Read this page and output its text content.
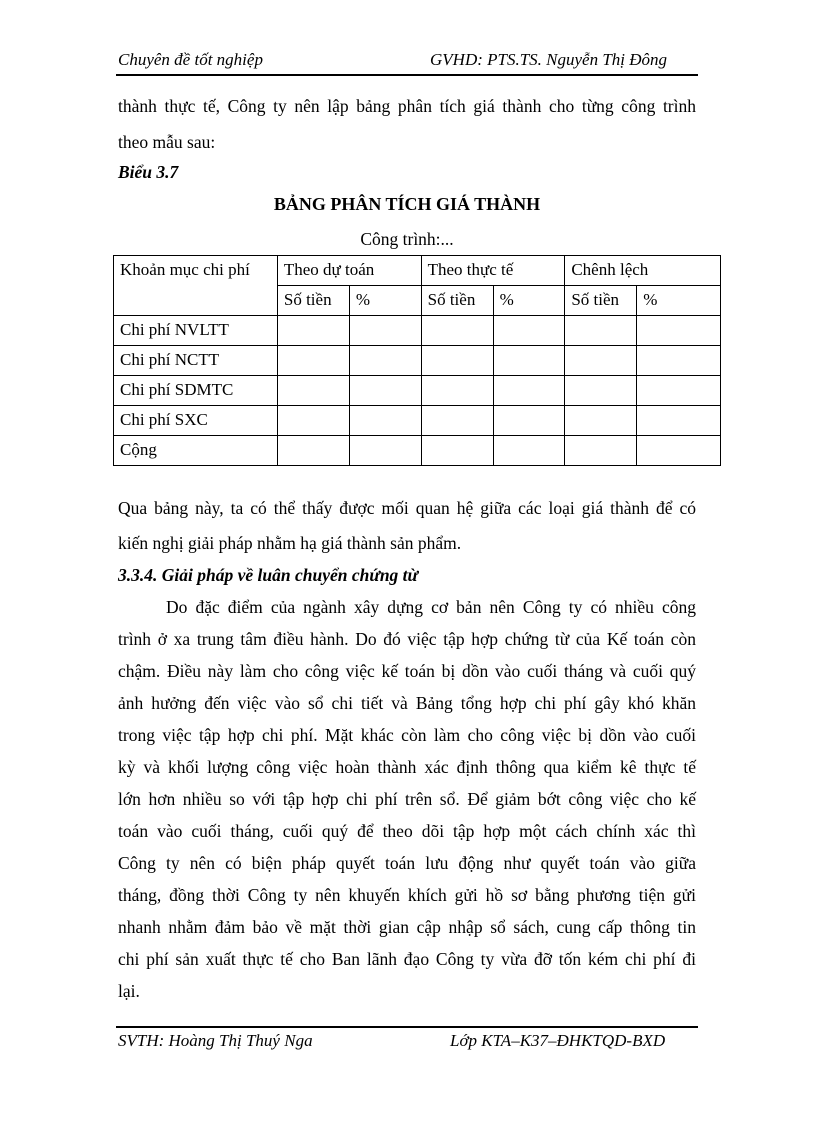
Chuyên đề tốt nghiệp	GVHD: PTS.TS. Nguyễn Thị Đông
thành thực tế, Công ty nên lập bảng phân tích giá thành cho từng công trình
theo mẫu sau:
Biểu 3.7
BẢNG PHÂN TÍCH GIÁ THÀNH
Công trình:...
Khoản mục chi phí	Theo dự toán		Theo thực tế		Chênh lệch	
	Số tiền	%	Số tiền	%	Số tiền	%
Chi phí NVLTT						
Chi phí NCTT						
Chi phí SDMTC						
Chi phí SXC						
Cộng						
Qua bảng này, ta có thể thấy được mối quan hệ giữa các loại giá thành để có
kiến nghị giải pháp nhằm hạ giá thành sản phẩm.
3.3.4. Giải pháp về luân chuyển chứng từ
Do đặc điểm của ngành xây dựng cơ bản nên Công ty có nhiều công
trình ở xa trung tâm điều hành. Do đó việc tập hợp chứng từ của Kế toán còn
chậm. Điều này làm cho công việc kế toán bị dồn vào cuối tháng và cuối quý
ảnh hưởng đến việc vào sổ chi tiết và Bảng tổng hợp chi phí gây khó khăn
trong việc tập hợp chi phí. Mặt khác còn làm cho công việc bị dồn vào cuối
kỳ và khối lượng công việc hoàn thành xác định thông qua kiểm kê thực tế
lớn hơn nhiều so với tập hợp chi phí trên sổ. Để giảm bớt công việc cho kế
toán vào cuối tháng, cuối quý để theo dõi tập hợp một cách chính xác thì
Công ty nên có biện pháp quyết toán lưu động như quyết toán vào giữa
tháng, đồng thời Công ty nên khuyến khích gửi hồ sơ bằng phương tiện gửi
nhanh nhằm đảm bảo về mặt thời gian cập nhập sổ sách, cung cấp thông tin
chi phí sản xuất thực tế cho Ban lãnh đạo Công ty vừa đỡ tốn kém chi phí đi
lại.
SVTH: Hoàng Thị Thuý Nga	Lớp KTA–K37–ĐHKTQD-BXD
